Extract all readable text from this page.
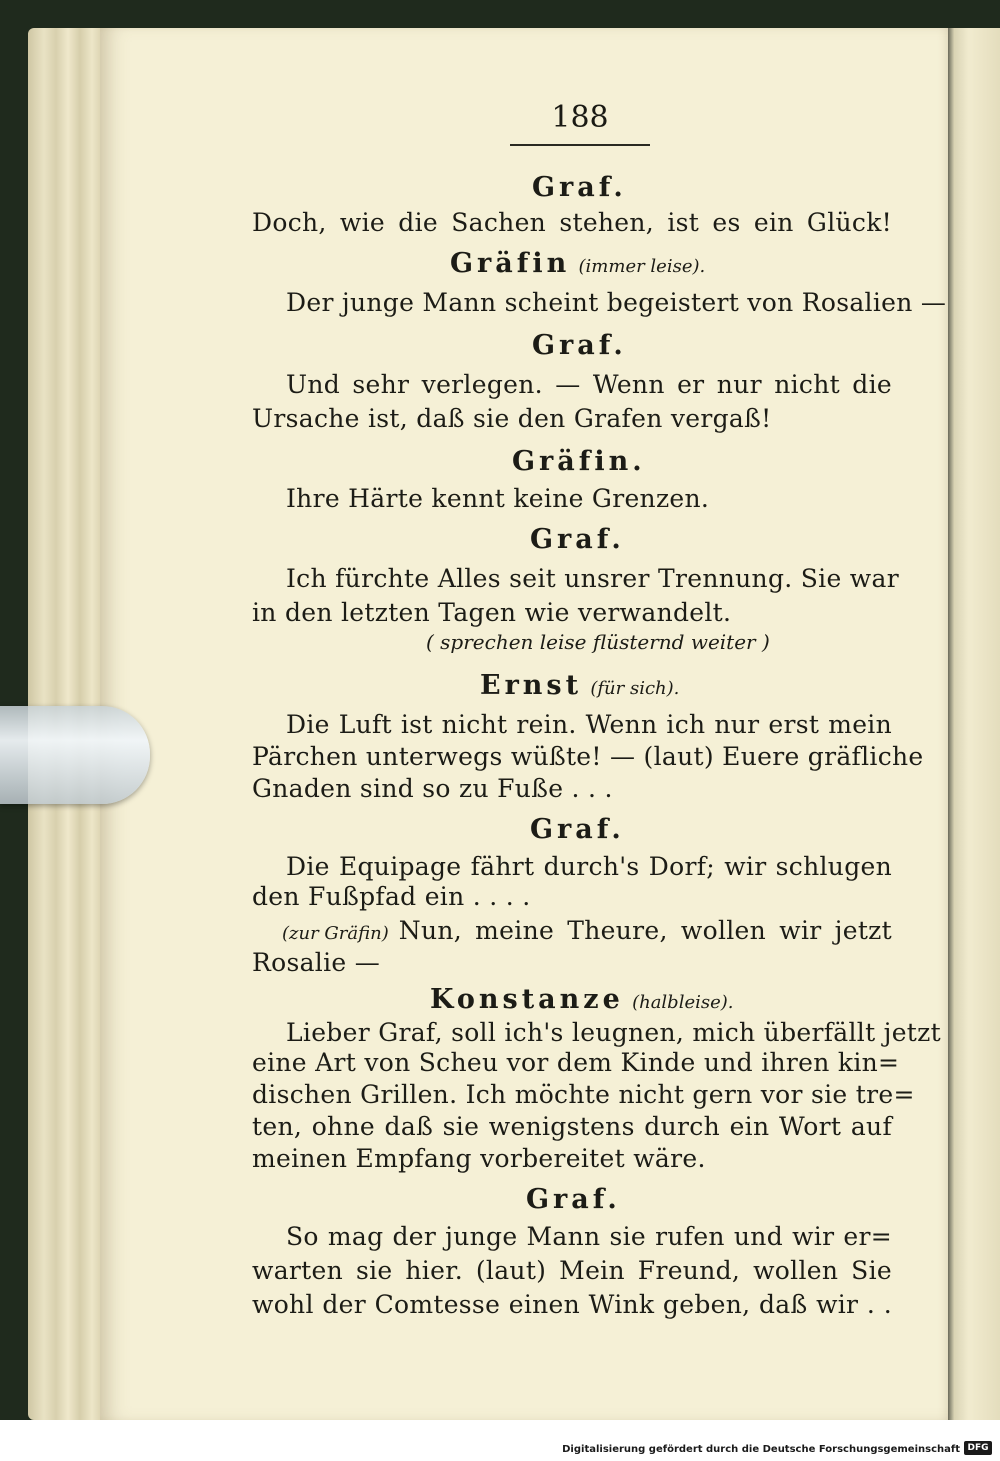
188
Graf.
Doch, wie die Sachen stehen, ist es ein Glück!
Gräfin (immer leise).
Der junge Mann scheint begeistert von Rosalien —
Graf.
Und sehr verlegen. — Wenn er nur nicht die
Ursache ist, daß sie den Grafen vergaß!
Gräfin.
Ihre Härte kennt keine Grenzen.
Graf.
Ich fürchte Alles seit unsrer Trennung. Sie war
in den letzten Tagen wie verwandelt.
( sprechen leise flüsternd weiter )
Ernst (für sich).
Die Luft ist nicht rein. Wenn ich nur erst mein
Pärchen unterwegs wüßte! — (laut) Euere gräfliche
Gnaden sind so zu Fuße . . .
Graf.
Die Equipage fährt durch's Dorf; wir schlugen
den Fußpfad ein . . . .
(zur Gräfin) Nun, meine Theure, wollen wir jetzt
Rosalie —
Konstanze (halbleise).
Lieber Graf, soll ich's leugnen, mich überfällt jetzt
eine Art von Scheu vor dem Kinde und ihren kin=
dischen Grillen. Ich möchte nicht gern vor sie tre=
ten, ohne daß sie wenigstens durch ein Wort auf
meinen Empfang vorbereitet wäre.
Graf.
So mag der junge Mann sie rufen und wir er=
warten sie hier. (laut) Mein Freund, wollen Sie
wohl der Comtesse einen Wink geben, daß wir . .
Digitalisierung gefördert durch die Deutsche Forschungsgemeinschaft DFG
